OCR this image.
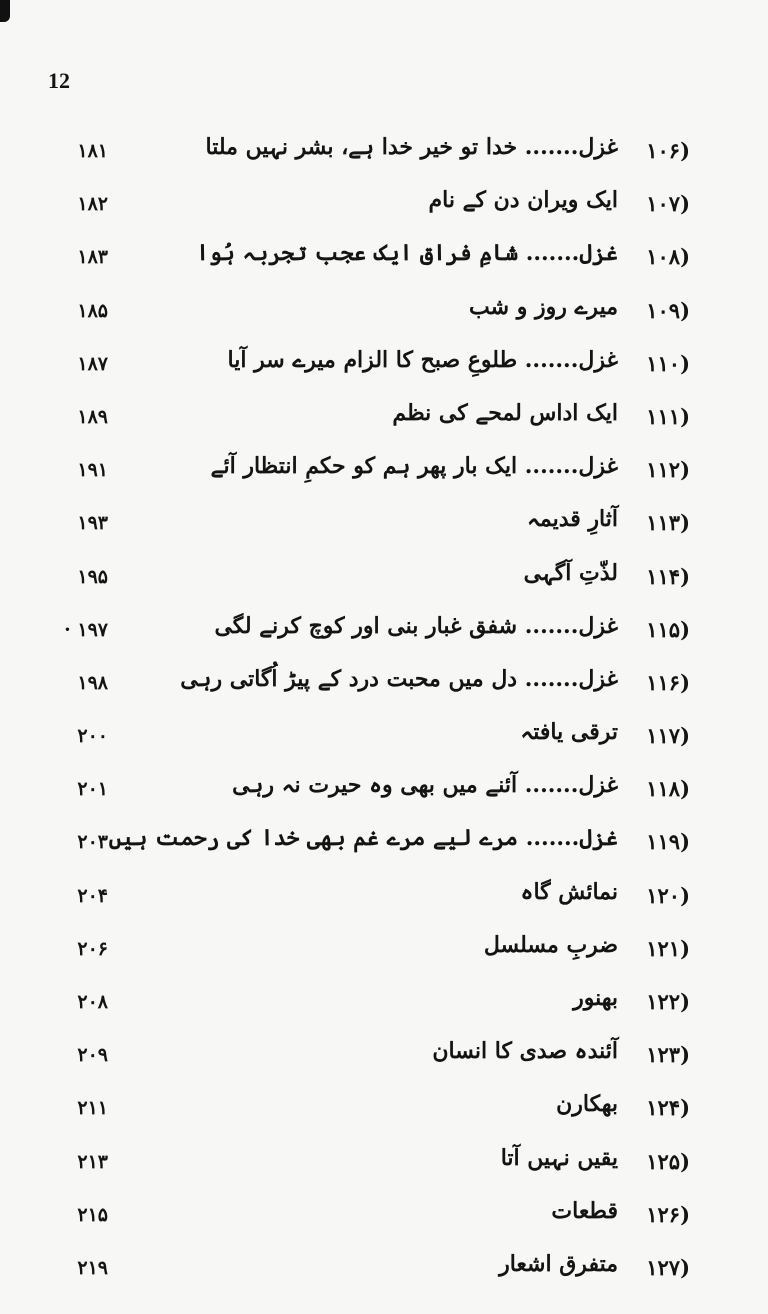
12
(۱۰۶
غزل....... خدا تو خیر خدا ہے، بشر نہیں ملتا
۱۸۱
(۱۰۷
ایک ویران دن کے نام
۱۸۲
(۱۰۸
غزل....... شامِ فراق ایک عجب تجربہ ہُوا
۱۸۳
(۱۰۹
میرے روز و شب
۱۸۵
(۱۱۰
غزل....... طلوعِ صبح کا الزام میرے سر آیا
۱۸۷
(۱۱۱
ایک اداس لمحے کی نظم
۱۸۹
(۱۱۲
غزل....... ایک بار پھر ہم کو حکمِ انتظار آئے
۱۹۱
(۱۱۳
آثارِ قدیمہ
۱۹۳
(۱۱۴
لذّتِ آگہی
۱۹۵
(۱۱۵
غزل....... شفق غبار بنی اور کوچ کرنے لگی
۱۹۷ ·
(۱۱۶
غزل....... دل میں محبت درد کے پیڑ اُگاتی رہی
۱۹۸
(۱۱۷
ترقی یافتہ
۲۰۰
(۱۱۸
غزل....... آئنے میں بھی وہ حیرت نہ رہی
۲۰۱
(۱۱۹
غزل....... مرے لیے مرے غم بھی خدا کی رحمت ہیں
۲۰۳
(۱۲۰
نمائش گاہ
۲۰۴
(۱۲۱
ضربِ مسلسل
۲۰۶
(۱۲۲
بھنور
۲۰۸
(۱۲۳
آئندہ صدی کا انسان
۲۰۹
(۱۲۴
بھکارن
۲۱۱
(۱۲۵
یقیں نہیں آتا
۲۱۳
(۱۲۶
قطعات
۲۱۵
(۱۲۷
متفرق اشعار
۲۱۹
